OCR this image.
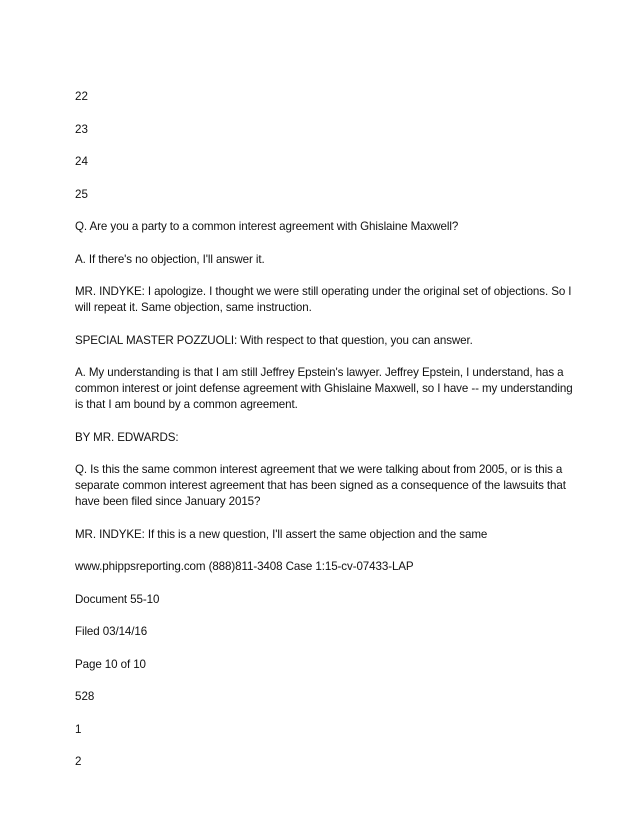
22

23

24

25

Q. Are you a party to a common interest agreement with Ghislaine Maxwell?

A. If there's no objection, I'll answer it.

MR. INDYKE: I apologize. I thought we were still operating under the original set of objections. So I will repeat it. Same objection, same instruction.

SPECIAL MASTER POZZUOLI: With respect to that question, you can answer.

A. My understanding is that I am still Jeffrey Epstein's lawyer. Jeffrey Epstein, I understand, has a common interest or joint defense agreement with Ghislaine Maxwell, so I have -- my understanding is that I am bound by a common agreement.

BY MR. EDWARDS:

Q. Is this the same common interest agreement that we were talking about from 2005, or is this a separate common interest agreement that has been signed as a consequence of the lawsuits that have been filed since January 2015?

MR. INDYKE: If this is a new question, I'll assert the same objection and the same

www.phippsreporting.com (888)811-3408 Case 1:15-cv-07433-LAP

Document 55-10

Filed 03/14/16

Page 10 of 10

528

1

2
